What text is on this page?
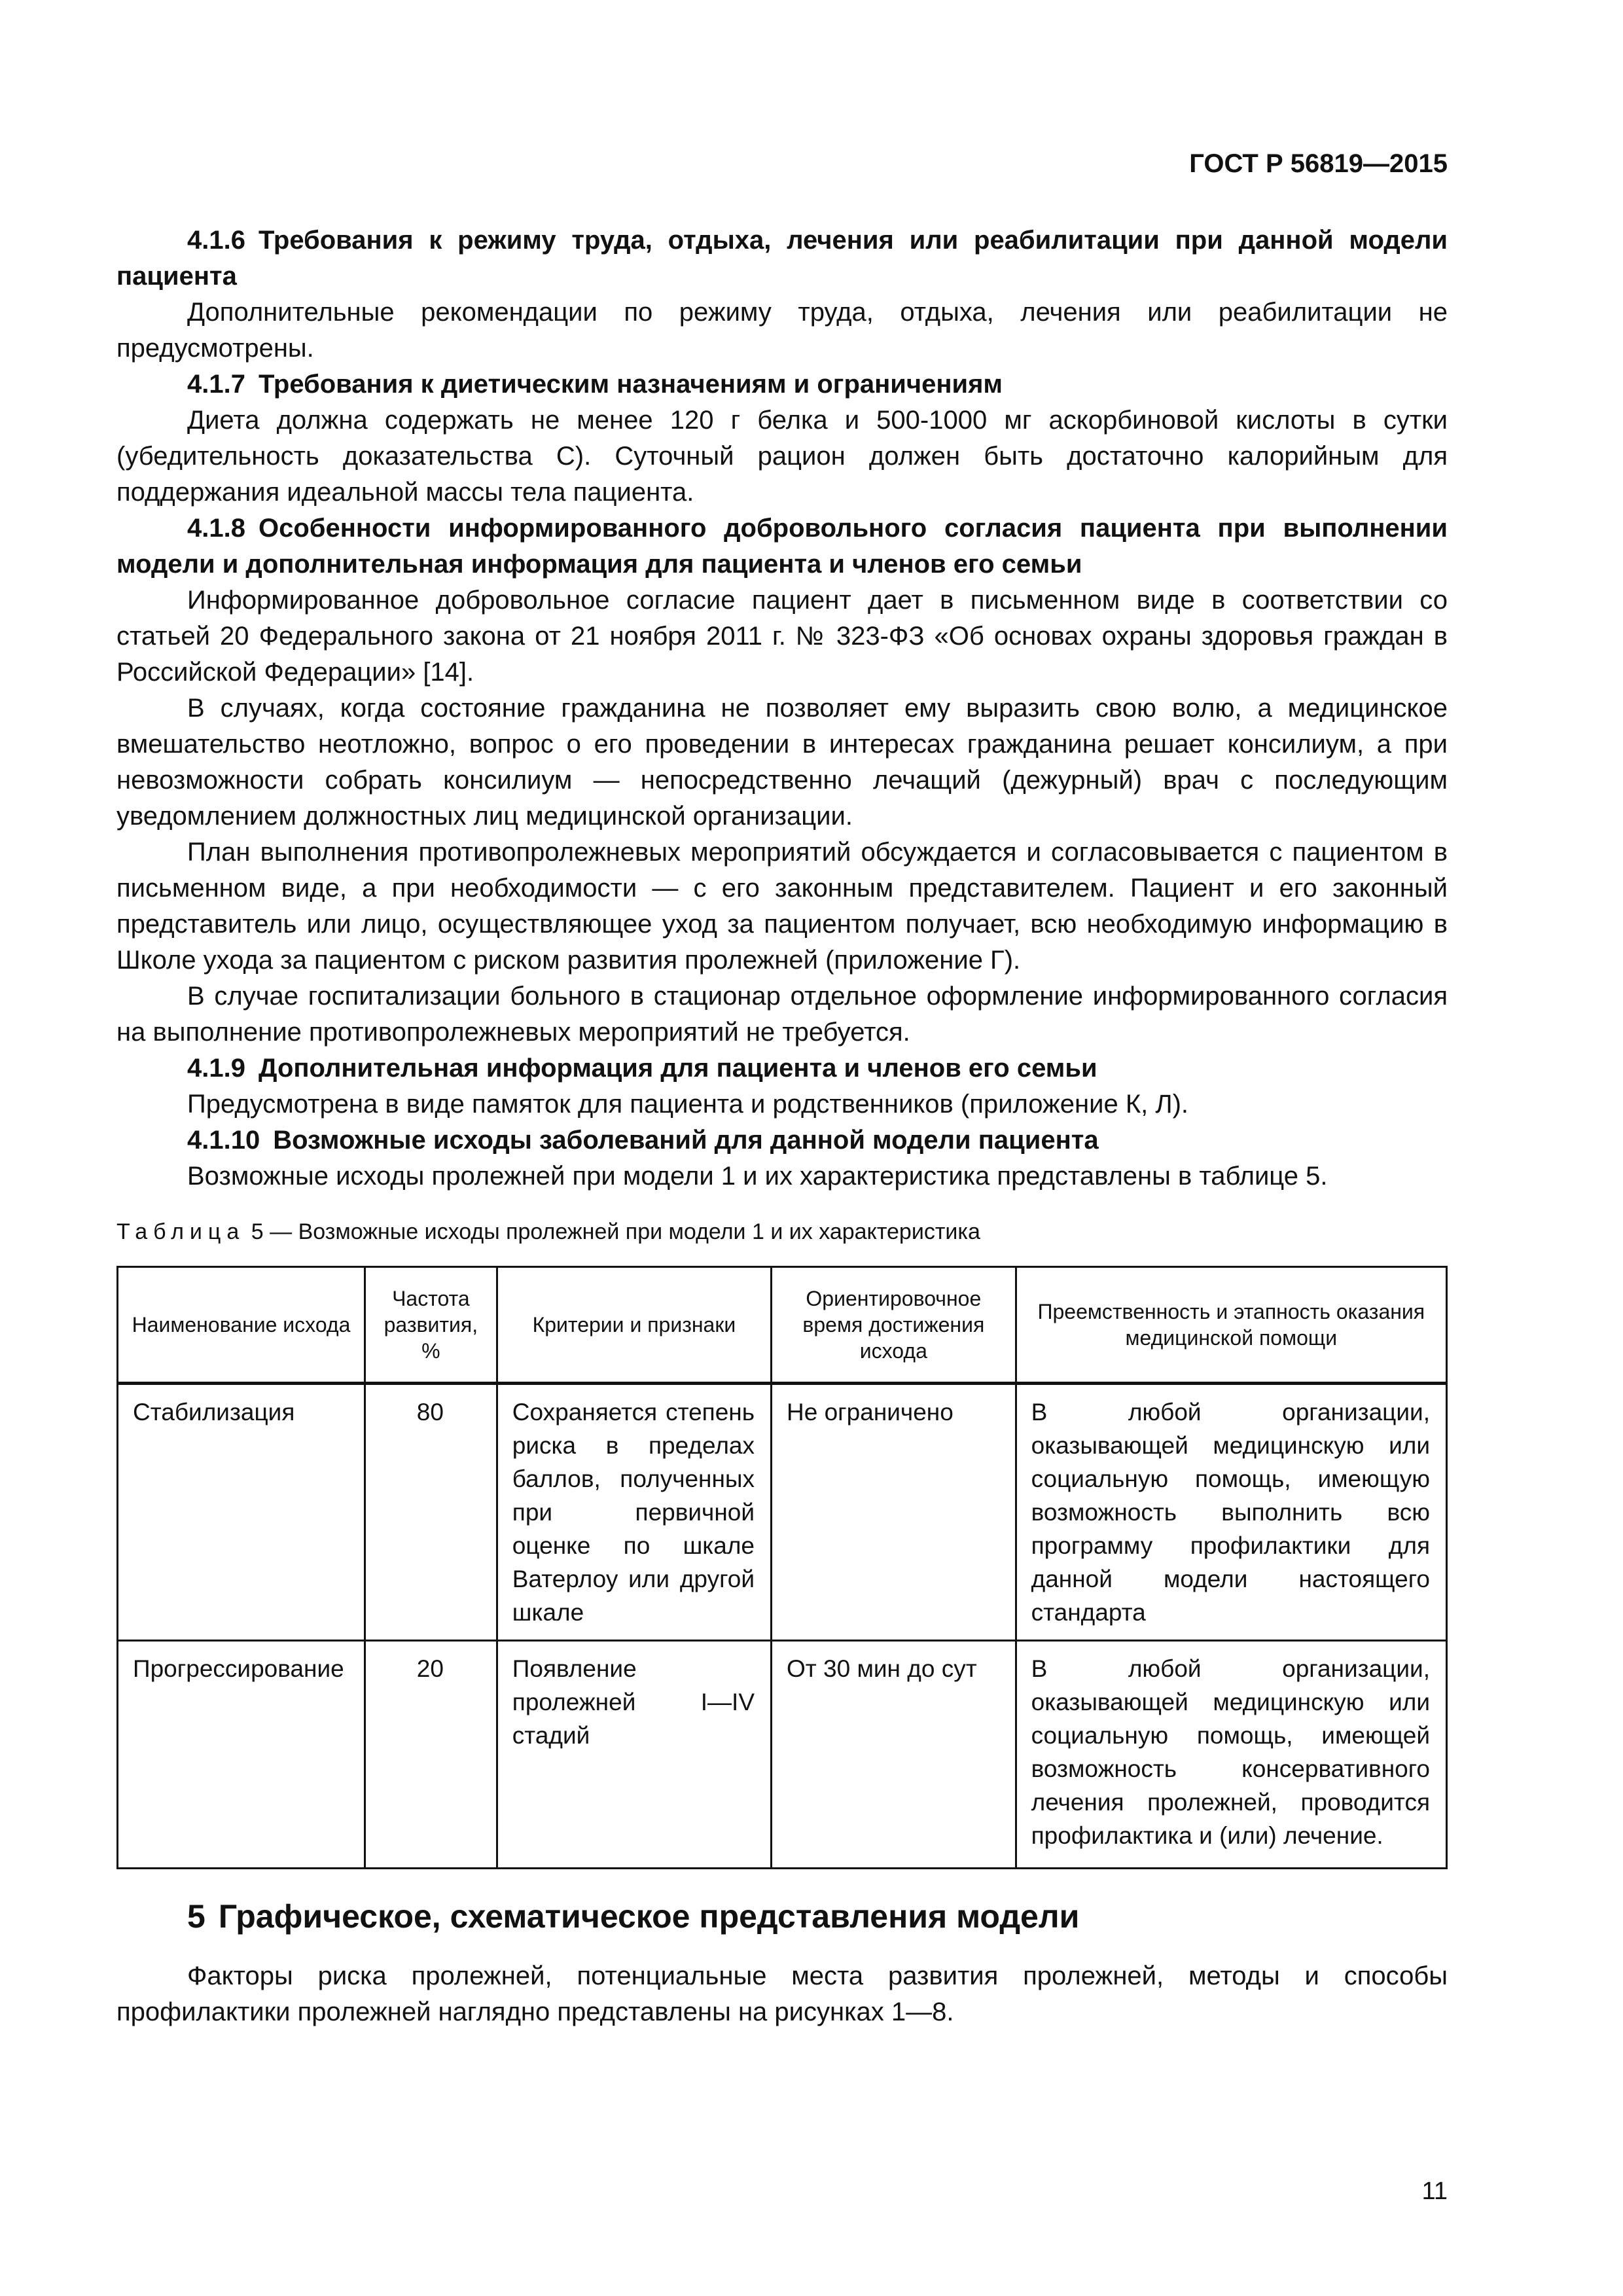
ГОСТ Р 56819—2015

4.1.6 Требования к режиму труда, отдыха, лечения или реабилитации при данной модели пациента

Дополнительные рекомендации по режиму труда, отдыха, лечения или реабилитации не предусмотрены.

4.1.7 Требования к диетическим назначениям и ограничениям

Диета должна содержать не менее 120 г белка и 500-1000 мг аскорбиновой кислоты в сутки (убедительность доказательства С). Суточный рацион должен быть достаточно калорийным для поддержания идеальной массы тела пациента.

4.1.8 Особенности информированного добровольного согласия пациента при выполнении модели и дополнительная информация для пациента и членов его семьи

Информированное добровольное согласие пациент дает в письменном виде в соответствии со статьей 20 Федерального закона от 21 ноября 2011 г. № 323-ФЗ «Об основах охраны здоровья граждан в Российской Федерации» [14].

В случаях, когда состояние гражданина не позволяет ему выразить свою волю, а медицинское вмешательство неотложно, вопрос о его проведении в интересах гражданина решает консилиум, а при невозможности собрать консилиум — непосредственно лечащий (дежурный) врач с последующим уведомлением должностных лиц медицинской организации.

План выполнения противопролежневых мероприятий обсуждается и согласовывается с пациентом в письменном виде, а при необходимости — с его законным представителем. Пациент и его законный представитель или лицо, осуществляющее уход за пациентом получает, всю необходимую информацию в Школе ухода за пациентом с риском развития пролежней (приложение Г).

В случае госпитализации больного в стационар отдельное оформление информированного согласия на выполнение противопролежневых мероприятий не требуется.

4.1.9 Дополнительная информация для пациента и членов его семьи

Предусмотрена в виде памяток для пациента и родственников (приложение К, Л).

4.1.10 Возможные исходы заболеваний для данной модели пациента

Возможные исходы пролежней при модели 1 и их характеристика представлены в таблице 5.

Таблица 5 — Возможные исходы пролежней при модели 1 и их характеристика
Наименование исхода	Частота развития, %	Критерии и признаки	Ориентировочное время достижения исхода	Преемственность и этапность оказания медицинской помощи
Стабилизация	80	Сохраняется степень риска в пределах баллов, полученных при первичной оценке по шкале Ватерлоу или другой шкале	Не ограничено	В любой организации, оказывающей медицинскую или социальную помощь, имеющую возможность выполнить всю программу профилактики для данной модели настоящего стандарта
Прогрессирование	20	Появление пролежней I—IV стадий	От 30 мин до сут	В любой организации, оказывающей медицинскую или социальную помощь, имеющей возможность консервативного лечения пролежней, проводится профилактика и (или) лечение.
5 Графическое, схематическое представления модели

Факторы риска пролежней, потенциальные места развития пролежней, методы и способы профилактики пролежней наглядно представлены на рисунках 1—8.

11
